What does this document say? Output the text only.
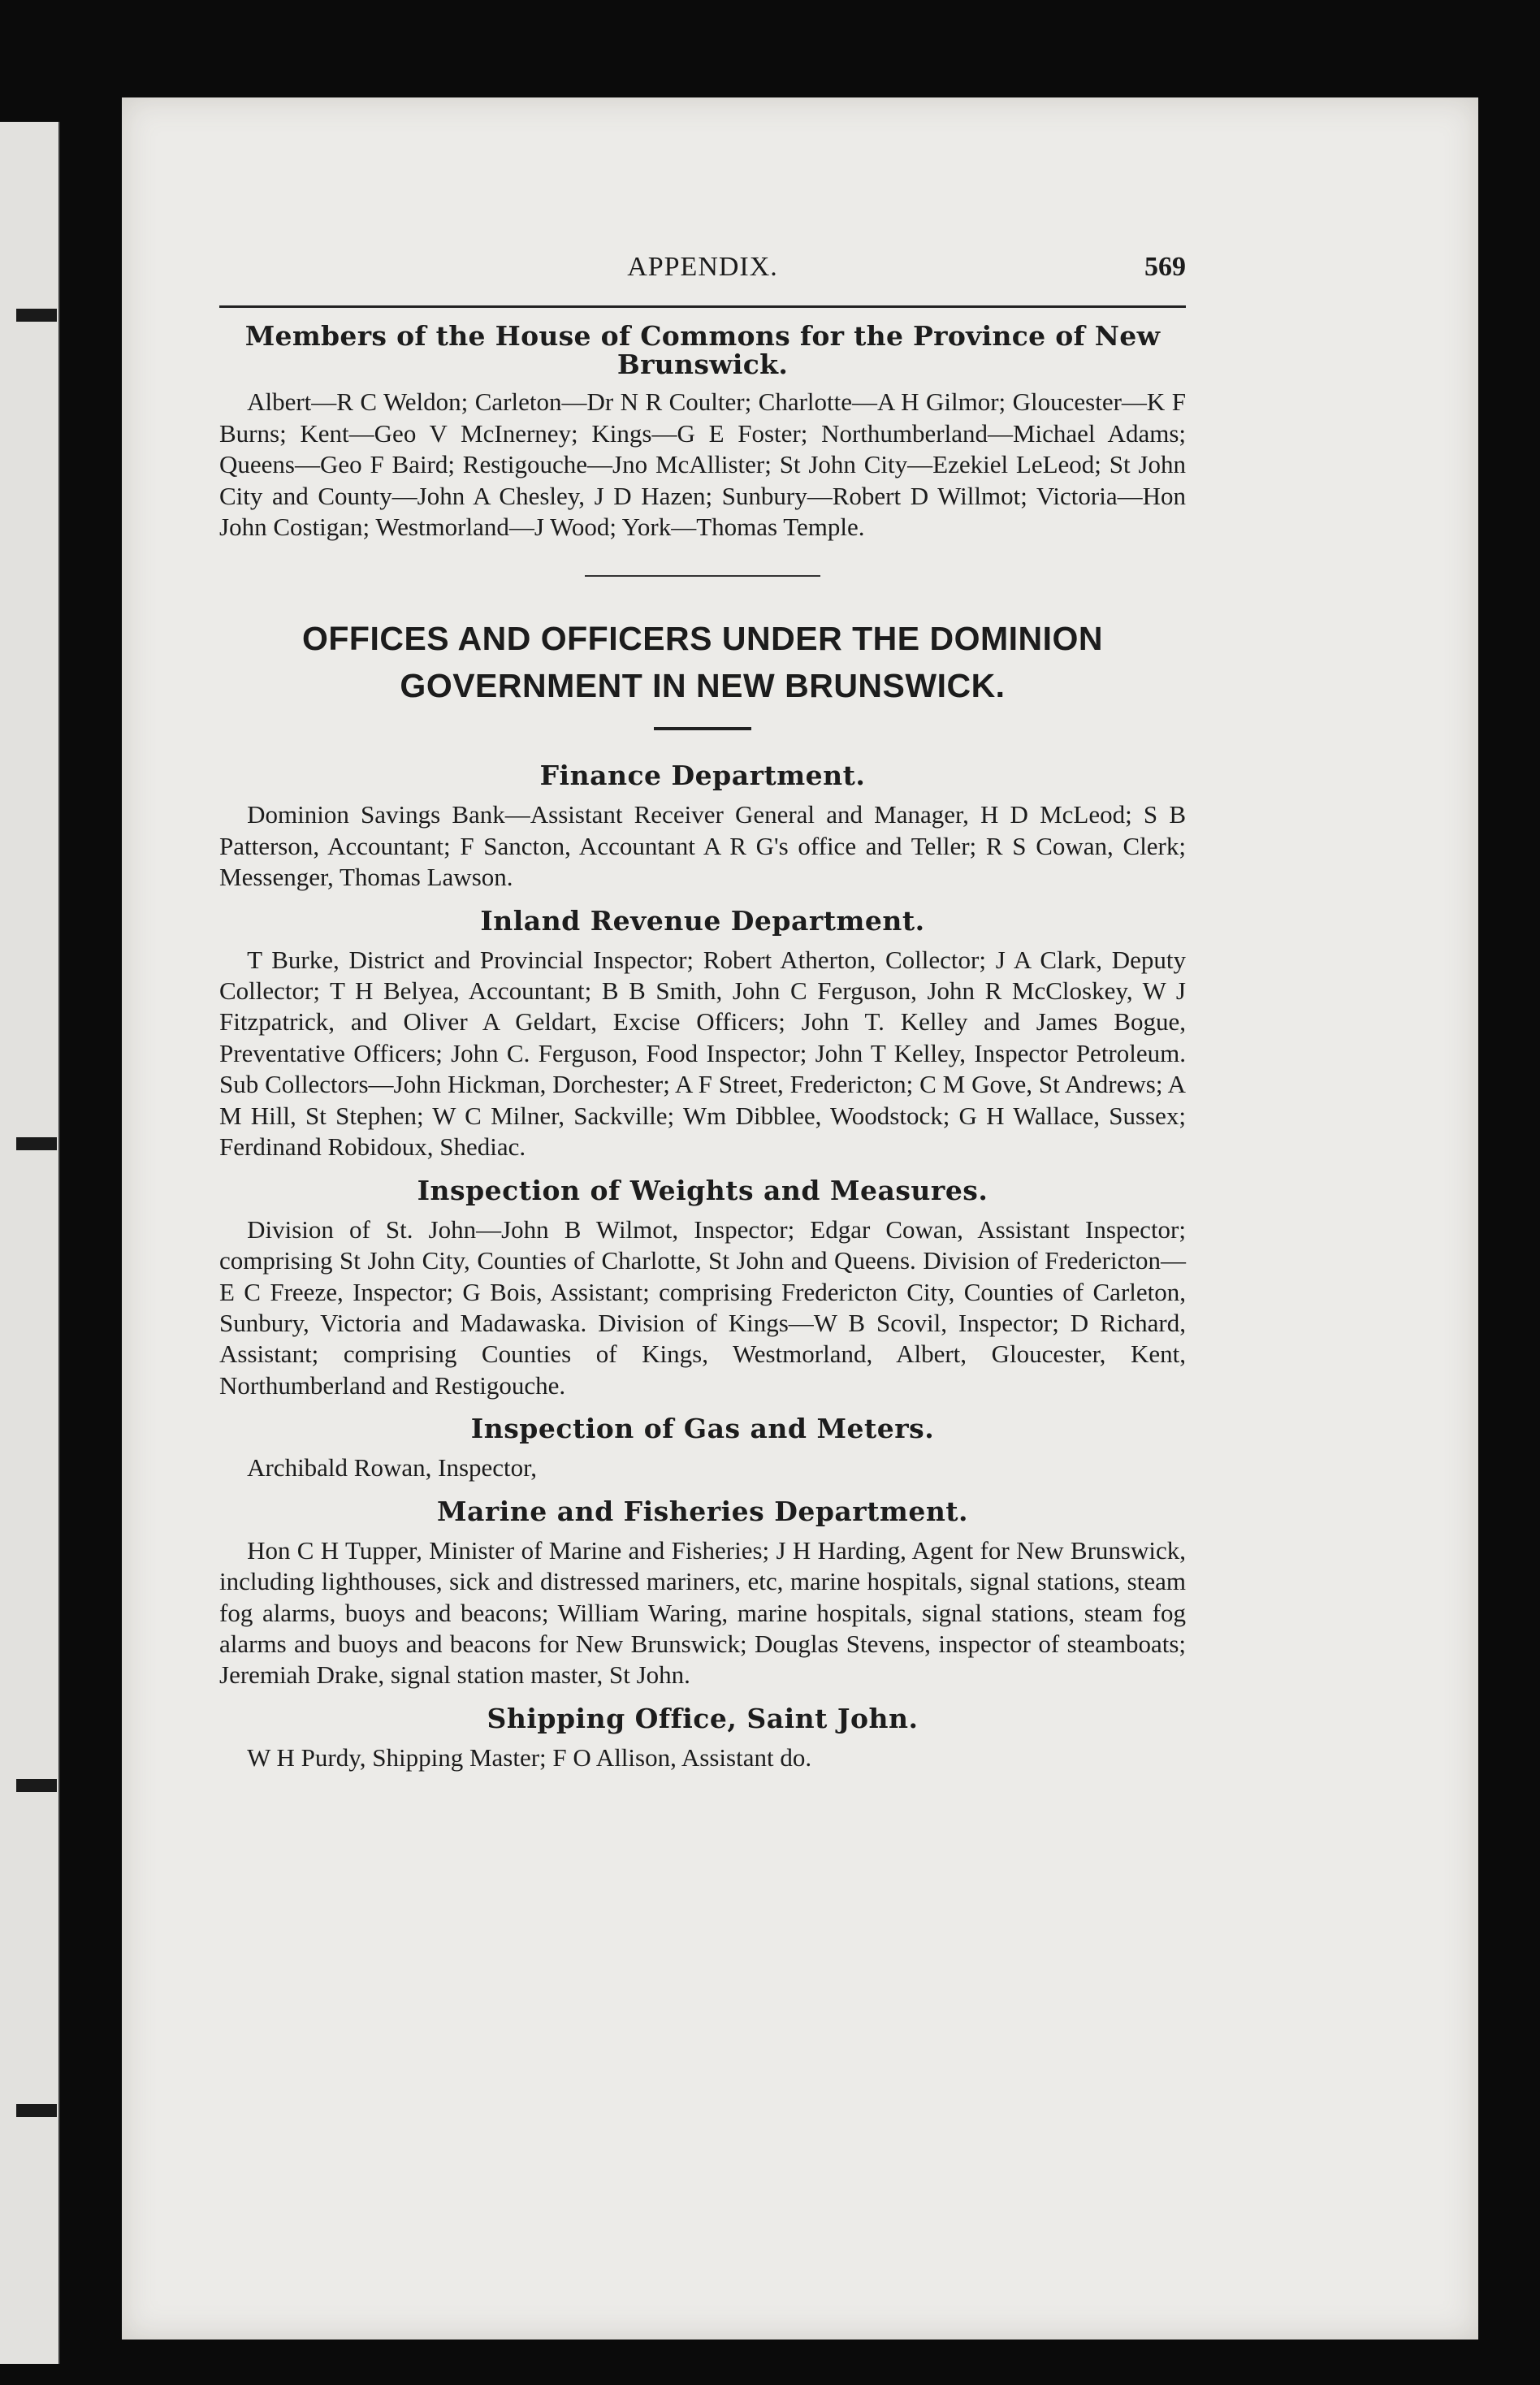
APPENDIX.	569
Members of the House of Commons for the Province of New Brunswick.

Albert—R C Weldon; Carleton—Dr N R Coulter; Charlotte—A H Gilmor; Gloucester—K F Burns; Kent—Geo V McInerney; Kings—G E Foster; Northumberland—Michael Adams; Queens—Geo F Baird; Restigouche—Jno McAllister; St John City—Ezekiel LeLeod; St John City and County—John A Chesley, J D Hazen; Sunbury—Robert D Willmot; Victoria—Hon John Costigan; Westmorland—J Wood; York—Thomas Temple.

OFFICES AND OFFICERS UNDER THE DOMINION
GOVERNMENT IN NEW BRUNSWICK.
Finance Department.

Dominion Savings Bank—Assistant Receiver General and Manager, H D McLeod; S B Patterson, Accountant; F Sancton, Accountant A R G's office and Teller; R S Cowan, Clerk; Messenger, Thomas Lawson.

Inland Revenue Department.

T Burke, District and Provincial Inspector; Robert Atherton, Collector; J A Clark, Deputy Collector; T H Belyea, Accountant; B B Smith, John C Ferguson, John R McCloskey, W J Fitzpatrick, and Oliver A Geldart, Excise Officers; John T. Kelley and James Bogue, Preventative Officers; John C. Ferguson, Food Inspector; John T Kelley, Inspector Petroleum. Sub Collectors—John Hickman, Dorchester; A F Street, Fredericton; C M Gove, St Andrews; A M Hill, St Stephen; W C Milner, Sackville; Wm Dibblee, Woodstock; G H Wallace, Sussex; Ferdinand Robidoux, Shediac.

Inspection of Weights and Measures.

Division of St. John—John B Wilmot, Inspector; Edgar Cowan, Assistant Inspector; comprising St John City, Counties of Charlotte, St John and Queens. Division of Fredericton—E C Freeze, Inspector; G Bois, Assistant; comprising Fredericton City, Counties of Carleton, Sunbury, Victoria and Madawaska. Division of Kings—W B Scovil, Inspector; D Richard, Assistant; comprising Counties of Kings, Westmorland, Albert, Gloucester, Kent, Northumberland and Restigouche.

Inspection of Gas and Meters.

Archibald Rowan, Inspector,

Marine and Fisheries Department.

Hon C H Tupper, Minister of Marine and Fisheries; J H Harding, Agent for New Brunswick, including lighthouses, sick and distressed mariners, etc, marine hospitals, signal stations, steam fog alarms, buoys and beacons; William Waring, marine hospitals, signal stations, steam fog alarms and buoys and beacons for New Brunswick; Douglas Stevens, inspector of steamboats; Jeremiah Drake, signal station master, St John.

Shipping Office, Saint John.

W H Purdy, Shipping Master; F O Allison, Assistant do.
